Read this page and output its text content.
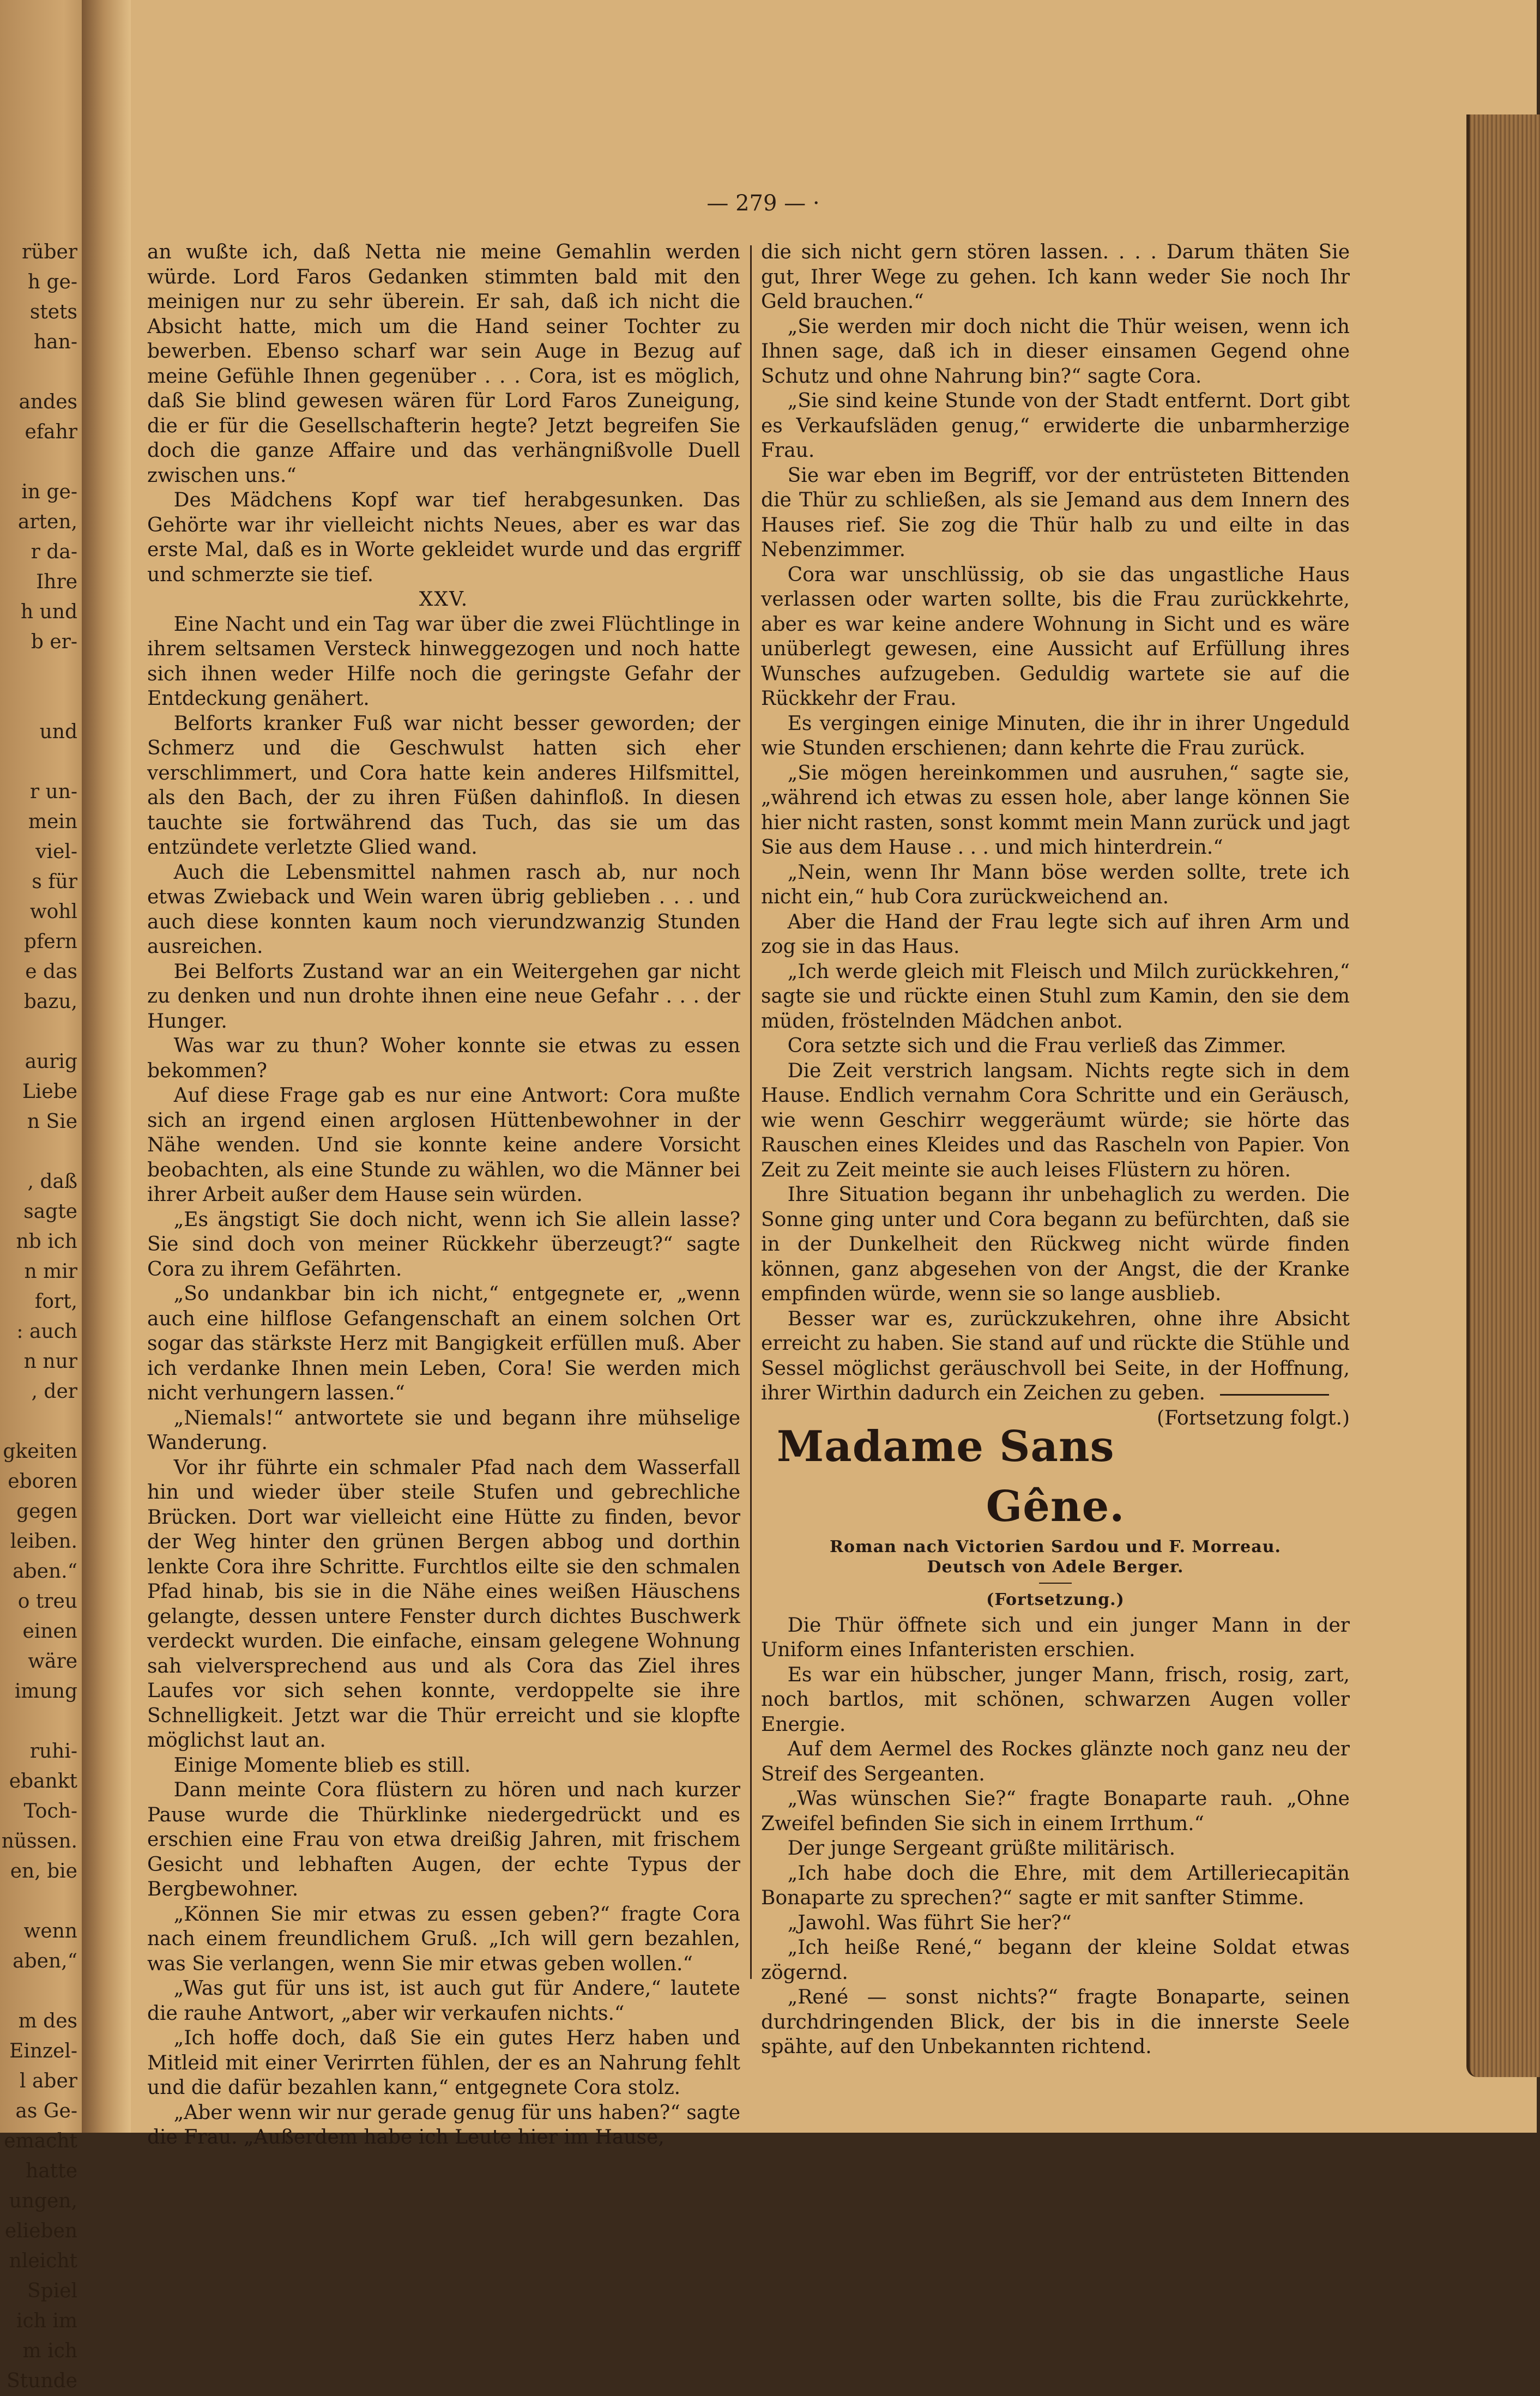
rüber
h ge-
stets
han-

andes
efahr

in ge-
arten,
r da-
Ihre
h und
b er-

und

r un-
mein
viel-
s für
wohl
pfern
e das
bazu,

aurig
Liebe
n Sie

, daß
sagte
nb ich
n mir
fort,
: auch
n nur
, der

gkeiten
eboren
gegen
leiben.
aben.“
o treu
einen
wäre
imung

ruhi-
ebankt
Toch-
nüssen.
en, bie

wenn
aben,“

m des
Einzel-
l aber
as Ge-
emacht
hatte
ungen,
elieben
nleicht
Spiel
ich im
m ich
Stunde
— 279 — ·

an wußte ich, daß Netta nie meine Gemahlin werden würde. Lord Faros Gedanken stimmten bald mit den meinigen nur zu sehr überein. Er sah, daß ich nicht die Absicht hatte, mich um die Hand seiner Tochter zu bewerben. Ebenso scharf war sein Auge in Bezug auf meine Gefühle Ihnen gegenüber . . . Cora, ist es möglich, daß Sie blind gewesen wären für Lord Faros Zuneigung, die er für die Gesellschafterin hegte? Jetzt begreifen Sie doch die ganze Affaire und das verhängnißvolle Duell zwischen uns.“

Des Mädchens Kopf war tief herabgesunken. Das Gehörte war ihr vielleicht nichts Neues, aber es war das erste Mal, daß es in Worte gekleidet wurde und das ergriff und schmerzte sie tief.

XXV.

Eine Nacht und ein Tag war über die zwei Flüchtlinge in ihrem seltsamen Versteck hinweggezogen und noch hatte sich ihnen weder Hilfe noch die geringste Gefahr der Entdeckung genähert.

Belforts kranker Fuß war nicht besser geworden; der Schmerz und die Geschwulst hatten sich eher verschlimmert, und Cora hatte kein anderes Hilfsmittel, als den Bach, der zu ihren Füßen dahinfloß. In diesen tauchte sie fortwährend das Tuch, das sie um das entzündete verletzte Glied wand.

Auch die Lebensmittel nahmen rasch ab, nur noch etwas Zwieback und Wein waren übrig geblieben . . . und auch diese konnten kaum noch vierundzwanzig Stunden ausreichen.

Bei Belforts Zustand war an ein Weitergehen gar nicht zu denken und nun drohte ihnen eine neue Gefahr . . . der Hunger.

Was war zu thun? Woher konnte sie etwas zu essen bekommen?

Auf diese Frage gab es nur eine Antwort: Cora mußte sich an irgend einen arglosen Hüttenbewohner in der Nähe wenden. Und sie konnte keine andere Vorsicht beobachten, als eine Stunde zu wählen, wo die Männer bei ihrer Arbeit außer dem Hause sein würden.

„Es ängstigt Sie doch nicht, wenn ich Sie allein lasse? Sie sind doch von meiner Rückkehr überzeugt?“ sagte Cora zu ihrem Gefährten.

„So undankbar bin ich nicht,“ entgegnete er, „wenn auch eine hilflose Gefangenschaft an einem solchen Ort sogar das stärkste Herz mit Bangigkeit erfüllen muß. Aber ich verdanke Ihnen mein Leben, Cora! Sie werden mich nicht verhungern lassen.“

„Niemals!“ antwortete sie und begann ihre mühselige Wanderung.

Vor ihr führte ein schmaler Pfad nach dem Wasserfall hin und wieder über steile Stufen und gebrechliche Brücken. Dort war vielleicht eine Hütte zu finden, bevor der Weg hinter den grünen Bergen abbog und dorthin lenkte Cora ihre Schritte. Furchtlos eilte sie den schmalen Pfad hinab, bis sie in die Nähe eines weißen Häuschens gelangte, dessen untere Fenster durch dichtes Buschwerk verdeckt wurden. Die einfache, einsam gelegene Wohnung sah vielversprechend aus und als Cora das Ziel ihres Laufes vor sich sehen konnte, verdoppelte sie ihre Schnelligkeit. Jetzt war die Thür erreicht und sie klopfte möglichst laut an.

Einige Momente blieb es still.

Dann meinte Cora flüstern zu hören und nach kurzer Pause wurde die Thürklinke niedergedrückt und es erschien eine Frau von etwa dreißig Jahren, mit frischem Gesicht und lebhaften Augen, der echte Typus der Bergbewohner.

„Können Sie mir etwas zu essen geben?“ fragte Cora nach einem freundlichem Gruß. „Ich will gern bezahlen, was Sie verlangen, wenn Sie mir etwas geben wollen.“

„Was gut für uns ist, ist auch gut für Andere,“ lautete die rauhe Antwort, „aber wir verkaufen nichts.“

„Ich hoffe doch, daß Sie ein gutes Herz haben und Mitleid mit einer Verirrten fühlen, der es an Nahrung fehlt und die dafür bezahlen kann,“ entgegnete Cora stolz.

„Aber wenn wir nur gerade genug für uns haben?“ sagte die Frau. „Außerdem habe ich Leute hier im Hause,

die sich nicht gern stören lassen. . . . Darum thäten Sie gut, Ihrer Wege zu gehen. Ich kann weder Sie noch Ihr Geld brauchen.“

„Sie werden mir doch nicht die Thür weisen, wenn ich Ihnen sage, daß ich in dieser einsamen Gegend ohne Schutz und ohne Nahrung bin?“ sagte Cora.

„Sie sind keine Stunde von der Stadt entfernt. Dort gibt es Verkaufsläden genug,“ erwiderte die unbarmherzige Frau.

Sie war eben im Begriff, vor der entrüsteten Bittenden die Thür zu schließen, als sie Jemand aus dem Innern des Hauses rief. Sie zog die Thür halb zu und eilte in das Nebenzimmer.

Cora war unschlüssig, ob sie das ungastliche Haus verlassen oder warten sollte, bis die Frau zurückkehrte, aber es war keine andere Wohnung in Sicht und es wäre unüberlegt gewesen, eine Aussicht auf Erfüllung ihres Wunsches aufzugeben. Geduldig wartete sie auf die Rückkehr der Frau.

Es vergingen einige Minuten, die ihr in ihrer Ungeduld wie Stunden erschienen; dann kehrte die Frau zurück.

„Sie mögen hereinkommen und ausruhen,“ sagte sie, „während ich etwas zu essen hole, aber lange können Sie hier nicht rasten, sonst kommt mein Mann zurück und jagt Sie aus dem Hause . . . und mich hinterdrein.“

„Nein, wenn Ihr Mann böse werden sollte, trete ich nicht ein,“ hub Cora zurückweichend an.

Aber die Hand der Frau legte sich auf ihren Arm und zog sie in das Haus.

„Ich werde gleich mit Fleisch und Milch zurückkehren,“ sagte sie und rückte einen Stuhl zum Kamin, den sie dem müden, fröstelnden Mädchen anbot.

Cora setzte sich und die Frau verließ das Zimmer.

Die Zeit verstrich langsam. Nichts regte sich in dem Hause. Endlich vernahm Cora Schritte und ein Geräusch, wie wenn Geschirr weggeräumt würde; sie hörte das Rauschen eines Kleides und das Rascheln von Papier. Von Zeit zu Zeit meinte sie auch leises Flüstern zu hören.

Ihre Situation begann ihr unbehaglich zu werden. Die Sonne ging unter und Cora begann zu befürchten, daß sie in der Dunkelheit den Rückweg nicht würde finden können, ganz abgesehen von der Angst, die der Kranke empfinden würde, wenn sie so lange ausblieb.

Besser war es, zurückzukehren, ohne ihre Absicht erreicht zu haben. Sie stand auf und rückte die Stühle und Sessel möglichst geräuschvoll bei Seite, in der Hoffnung, ihrer Wirthin dadurch ein Zeichen zu geben.
(Fortsetzung folgt.)

Madame Sans Gêne.
Roman nach Victorien Sardou und F. Morreau.
Deutsch von Adele Berger.
(Fortsetzung.)

Die Thür öffnete sich und ein junger Mann in der Uniform eines Infanteristen erschien.

Es war ein hübscher, junger Mann, frisch, rosig, zart, noch bartlos, mit schönen, schwarzen Augen voller Energie.

Auf dem Aermel des Rockes glänzte noch ganz neu der Streif des Sergeanten.

„Was wünschen Sie?“ fragte Bonaparte rauh. „Ohne Zweifel befinden Sie sich in einem Irrthum.“

Der junge Sergeant grüßte militärisch.

„Ich habe doch die Ehre, mit dem Artilleriecapitän Bonaparte zu sprechen?“ sagte er mit sanfter Stimme.

„Jawohl. Was führt Sie her?“

„Ich heiße René,“ begann der kleine Soldat etwas zögernd.

„René — sonst nichts?“ fragte Bonaparte, seinen durchdringenden Blick, der bis in die innerste Seele spähte, auf den Unbekannten richtend.
